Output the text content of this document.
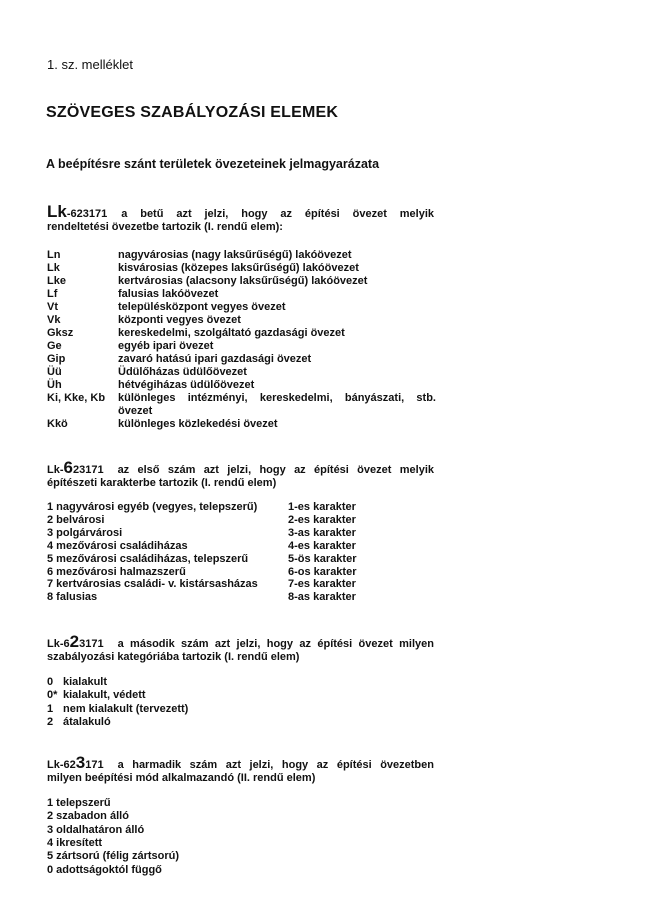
1. sz. melléklet
SZÖVEGES SZABÁLYOZÁSI ELEMEK
A beépítésre szánt területek övezeteinek jelmagyarázata
Lk-623171 a betű azt jelzi, hogy az építési övezet melyik
rendeltetési övezetbe tartozik (I. rendű elem):
Ln	nagyvárosias (nagy laksűrűségű) lakóövezet
Lk	kisvárosias (közepes laksűrűségű) lakóövezet
Lke	kertvárosias (alacsony laksűrűségű) lakóövezet
Lf	falusias lakóövezet
Vt	településközpont vegyes övezet
Vk	központi vegyes övezet
Gksz	kereskedelmi, szolgáltató gazdasági övezet
Ge	egyéb ipari övezet
Gip	zavaró hatású ipari gazdasági övezet
Üü	Üdülőházas üdülőövezet
Üh	hétvégiházas üdülőövezet
Ki, Kke, Kb	különleges intézményi, kereskedelmi, bányászati, stb. övezet
Kkö	különleges közlekedési övezet
Lk-623171 az első szám azt jelzi, hogy az építési övezet melyik
építészeti karakterbe tartozik (I. rendű elem)
1 nagyvárosi egyéb (vegyes, telepszerű)	1-es karakter
2 belvárosi	2-es karakter
3 polgárvárosi	3-as karakter
4 mezővárosi családiházas	4-es karakter
5 mezővárosi családiházas, telepszerű	5-ös karakter
6 mezővárosi halmazszerű	6-os karakter
7 kertvárosias családi- v. kistársasházas	7-es karakter
8 falusias	8-as karakter
Lk-623171 a második szám azt jelzi, hogy az építési övezet milyen
szabályozási kategóriába tartozik (I. rendű elem)
0 kialakult
0* kialakult, védett
1 nem kialakult (tervezett)
2 átalakuló
Lk-623171 a harmadik szám azt jelzi, hogy az építési övezetben
milyen beépítési mód alkalmazandó (II. rendű elem)
1 telepszerű
2 szabadon álló
3 oldalhatáron álló
4 ikresített
5 zártsorú (félig zártsorú)
0 adottságoktól függő
